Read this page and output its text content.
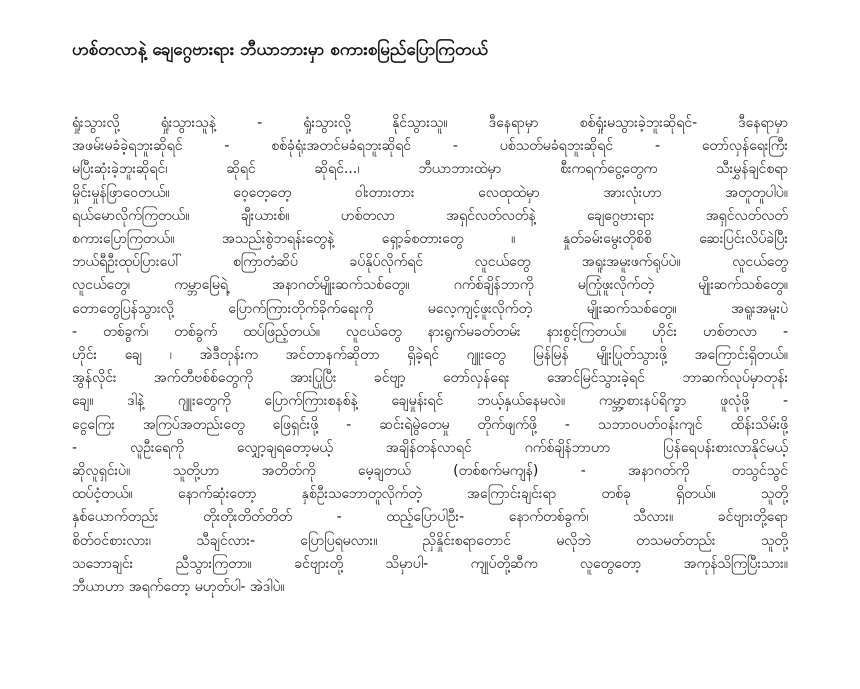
ဟစ်တလာနဲ့ ချေဂွေဗားရား ဘီယာဘားမှာ စကားစမြည်ပြောကြတယ်
ရှုံးသွားလို့ ရှုံးသွားသူနဲ့ - ရှုံးသွားလို့ နိုင်သွားသူ။ ဒီနေရာမှာ စစ်ရှုံးမသွားခဲ့ဘူးဆိုရင်- ဒီနေရာမှာ
အဖမ်းမခံခဲ့ရဘူးဆိုရင် - စစ်ခုံရုံးအတင်မခံရဘူးဆိုရင် - ပစ်သတ်မခံရဘူးဆိုရင် - တော်လှန်ရေးကြီး
မပြီးဆုံးခဲ့ဘူးဆိုရင်၊ ဆိုရင် ဆိုရင်...၊ ဘီယာဘားထဲမှာ စီးကရက်ငွေ့တွေက သီးမွှန်ချင်စရာ
မှိုင်းမှုန်ဖြာဝေတယ်။ ဝေ့တေ့တေ့ ဝါးတားတား လေထုထဲမှာ အားလုံးဟာ အတူတူပါပဲ။
ရယ်မောလိုက်ကြတယ်။ ချီးယားစ်။ ဟစ်တလာ အရှင်လတ်လတ်နဲ့ ချေဂွေဗားရား အရှင်လတ်လတ်
စကားပြောကြတယ်။ အသည်းစွဲဘရန်းတွေနဲ့ ရှော့ခ်စတားတွေ ။ နှုတ်ခမ်းမွေးတိုစိစိ ဆေးပြင်းလိပ်ခဲပြီး
ဘယ်ရီဦးထုပ်ပြားပေါ် စကြာတံဆိပ် ခပ်နိုပ်လိုက်ရင် လူငယ်တွေ အရူးအမူးဖက်ရုပ်ပဲ။ လူငယ်တွေ
လူငယ်တွေ၊ ကမ္ဘာမြေရဲ့ အနာဂတ်မျိုးဆက်သစ်တွေ။ ဂက်စ်ချိန်ဘာကို မကြုံဖူးလိုက်တဲ့ မျိုးဆက်သစ်တွေ။
တောတွေပြန်သွားလို့ ပြောက်ကြားတိုက်ခိုက်ရေးကို မလေ့ကျင့်ဖူးလိုက်တဲ့ မျိုးဆက်သစ်တွေ။ အရူးအမူးပဲ
- တစ်ခွက်၊ တစ်ခွက် ထပ်ဖြည့်တယ်။ လူငယ်တွေ နားရွက်မခတ်တမ်း နားစွင့်ကြတယ်။ ဟိုင်း ဟစ်တလာ -
ဟိုင်း ချေ ၊ အဲဒီတုန်းက အင်တာနက်ဆိုတာ ရှိခဲ့ရင် ဂျူးတွေ မြန်မြန် မျိုးပြုတ်သွားဖို့ အကြောင်းရှိတယ်။
အွန်လိုင်း အက်တီဗစ်စ်တွေကို အားပြုပြီး ခင်ဗျာ့ တော်လှန်ရေး အောင်မြင်သွားခဲ့ရင် ဘာဆက်လုပ်မှာတုန်း
ချေ။ ဒါနဲ့ ဂျူးတွေကို ပြောက်ကြားစနစ်နဲ့ ချေမှုန်းရင် ဘယ့်နှယ်နေမလဲ။ ကမ္ဘာ့စားနပ်ရိက္ခာ ဖူလုံဖို့ -
ငွေကြေး အကြပ်အတည်းတွေ ဖြေရှင်းဖို့ - ဆင်းရဲမွဲတေမှု တိုက်ဖျက်ဖို့ - သဘာဝပတ်ဝန်းကျင် ထိန်းသိမ်းဖို့
- လူဦးရေကို လျှော့ချရတော့မယ့် အချိန်တန်လာရင် ဂက်စ်ချိန်ဘာဟာ ပြန်ရေပန်းစားလာနိုင်မယ့်
ဆိုလူရှင်းပဲ။ သူတို့ဟာ အတိတ်ကို မေ့ချတယ် (တစ်စက်မကျန်) - အနာဂတ်ကို တသွင်သွင်
ထပ်ငံ့တယ်။ နောက်ဆုံးတော့ နှစ်ဦးသဘောတူလိုက်တဲ့ အကြောင်းချင်းရာ တစ်ခု ရှိတယ်။ သူတို့
နှစ်ယောက်တည်း တိုးတိုးတိတ်တိတ် - ထည့်ပြောပါဦး- နောက်တစ်ခွက်၊ သီလား။ ခင်ဗျားတို့ရော
စိတ်ဝင်စားလား၊ သီချင်လား- ပြောပြရမလား။ ညှိနှိုင်းစရာတောင် မလိုဘဲ တသမတ်တည်း သူတို့
သဘောချင်း ညီသွားကြတာ။ ခင်ဗျားတို့ သိမှာပါ- ကျုပ်တို့ဆီက လူတွေတော့ အကုန်သိကြပြီးသား။
ဘီယာဟာ အရက်တော့ မဟုတ်ပါ- အဲဒါပဲ။
